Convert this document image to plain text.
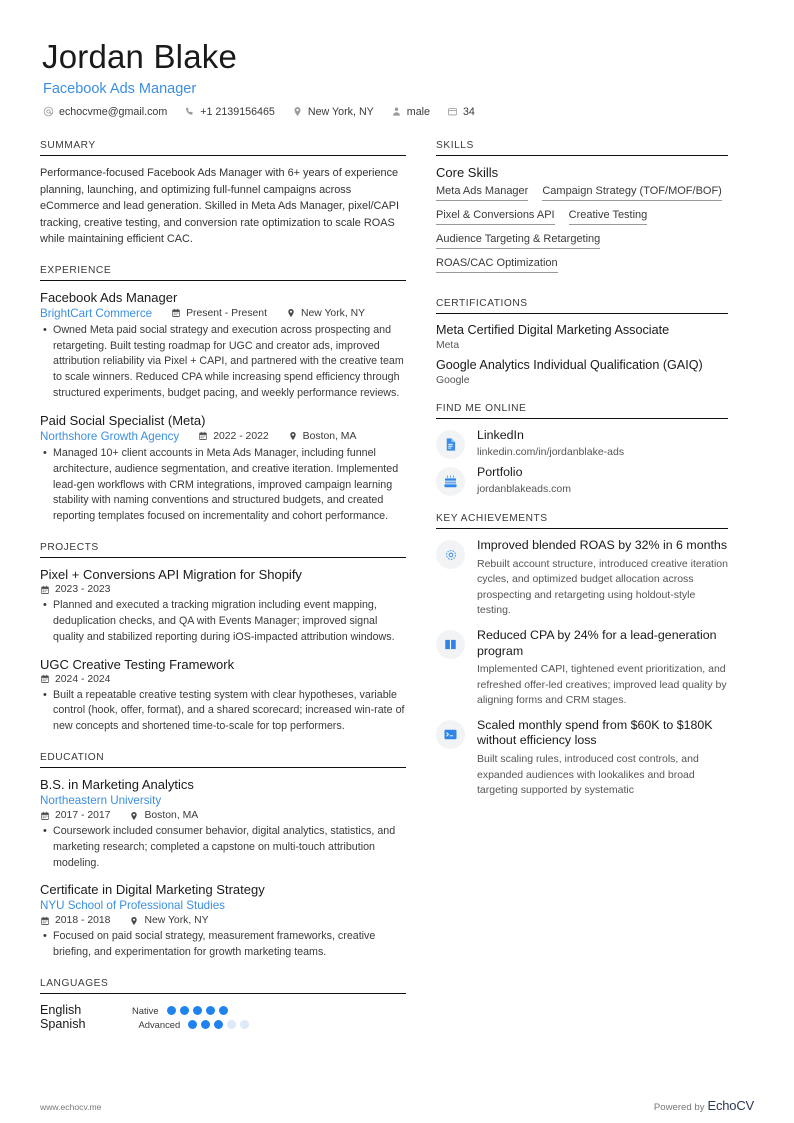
Jordan Blake
Facebook Ads Manager
echocvme@gmail.com	+1 2139156465	New York, NY	male	34
SUMMARY
Performance-focused Facebook Ads Manager with 6+ years of experience planning, launching, and optimizing full-funnel campaigns across eCommerce and lead generation. Skilled in Meta Ads Manager, pixel/CAPI tracking, creative testing, and conversion rate optimization to scale ROAS while maintaining efficient CAC.
EXPERIENCE
Facebook Ads Manager
BrightCart Commerce	Present - Present	New York, NY
• Owned Meta paid social strategy and execution across prospecting and retargeting. Built testing roadmap for UGC and creator ads, improved attribution reliability via Pixel + CAPI, and partnered with the creative team to scale winners. Reduced CPA while increasing spend efficiency through structured experiments, budget pacing, and weekly performance reviews.
Paid Social Specialist (Meta)
Northshore Growth Agency	2022 - 2022	Boston, MA
• Managed 10+ client accounts in Meta Ads Manager, including funnel architecture, audience segmentation, and creative iteration. Implemented lead-gen workflows with CRM integrations, improved campaign learning stability with naming conventions and structured budgets, and created reporting templates focused on incrementality and cohort performance.
PROJECTS
Pixel + Conversions API Migration for Shopify
2023 - 2023
• Planned and executed a tracking migration including event mapping, deduplication checks, and QA with Events Manager; improved signal quality and stabilized reporting during iOS-impacted attribution windows.
UGC Creative Testing Framework
2024 - 2024
• Built a repeatable creative testing system with clear hypotheses, variable control (hook, offer, format), and a shared scorecard; increased win-rate of new concepts and shortened time-to-scale for top performers.
EDUCATION
B.S. in Marketing Analytics
Northeastern University
2017 - 2017	Boston, MA
• Coursework included consumer behavior, digital analytics, statistics, and marketing research; completed a capstone on multi-touch attribution modeling.
Certificate in Digital Marketing Strategy
NYU School of Professional Studies
2018 - 2018	New York, NY
• Focused on paid social strategy, measurement frameworks, creative briefing, and experimentation for growth marketing teams.
LANGUAGES
English	Native
Spanish	Advanced
SKILLS
Core Skills
Meta Ads Manager Campaign Strategy (TOF/MOF/BOF)
Pixel & Conversions API Creative Testing
Audience Targeting & Retargeting
ROAS/CAC Optimization
CERTIFICATIONS
Meta Certified Digital Marketing Associate
Meta
Google Analytics Individual Qualification (GAIQ)
Google
FIND ME ONLINE
LinkedIn
linkedin.com/in/jordanblake-ads
Portfolio
jordanblakeads.com
KEY ACHIEVEMENTS
Improved blended ROAS by 32% in 6 months
Rebuilt account structure, introduced creative iteration cycles, and optimized budget allocation across prospecting and retargeting using holdout-style testing.
Reduced CPA by 24% for a lead-generation program
Implemented CAPI, tightened event prioritization, and refreshed offer-led creatives; improved lead quality by aligning forms and CRM stages.
Scaled monthly spend from $60K to $180K without efficiency loss
Built scaling rules, introduced cost controls, and expanded audiences with lookalikes and broad targeting supported by systematic
www.echocv.me	Powered by EchoCV
